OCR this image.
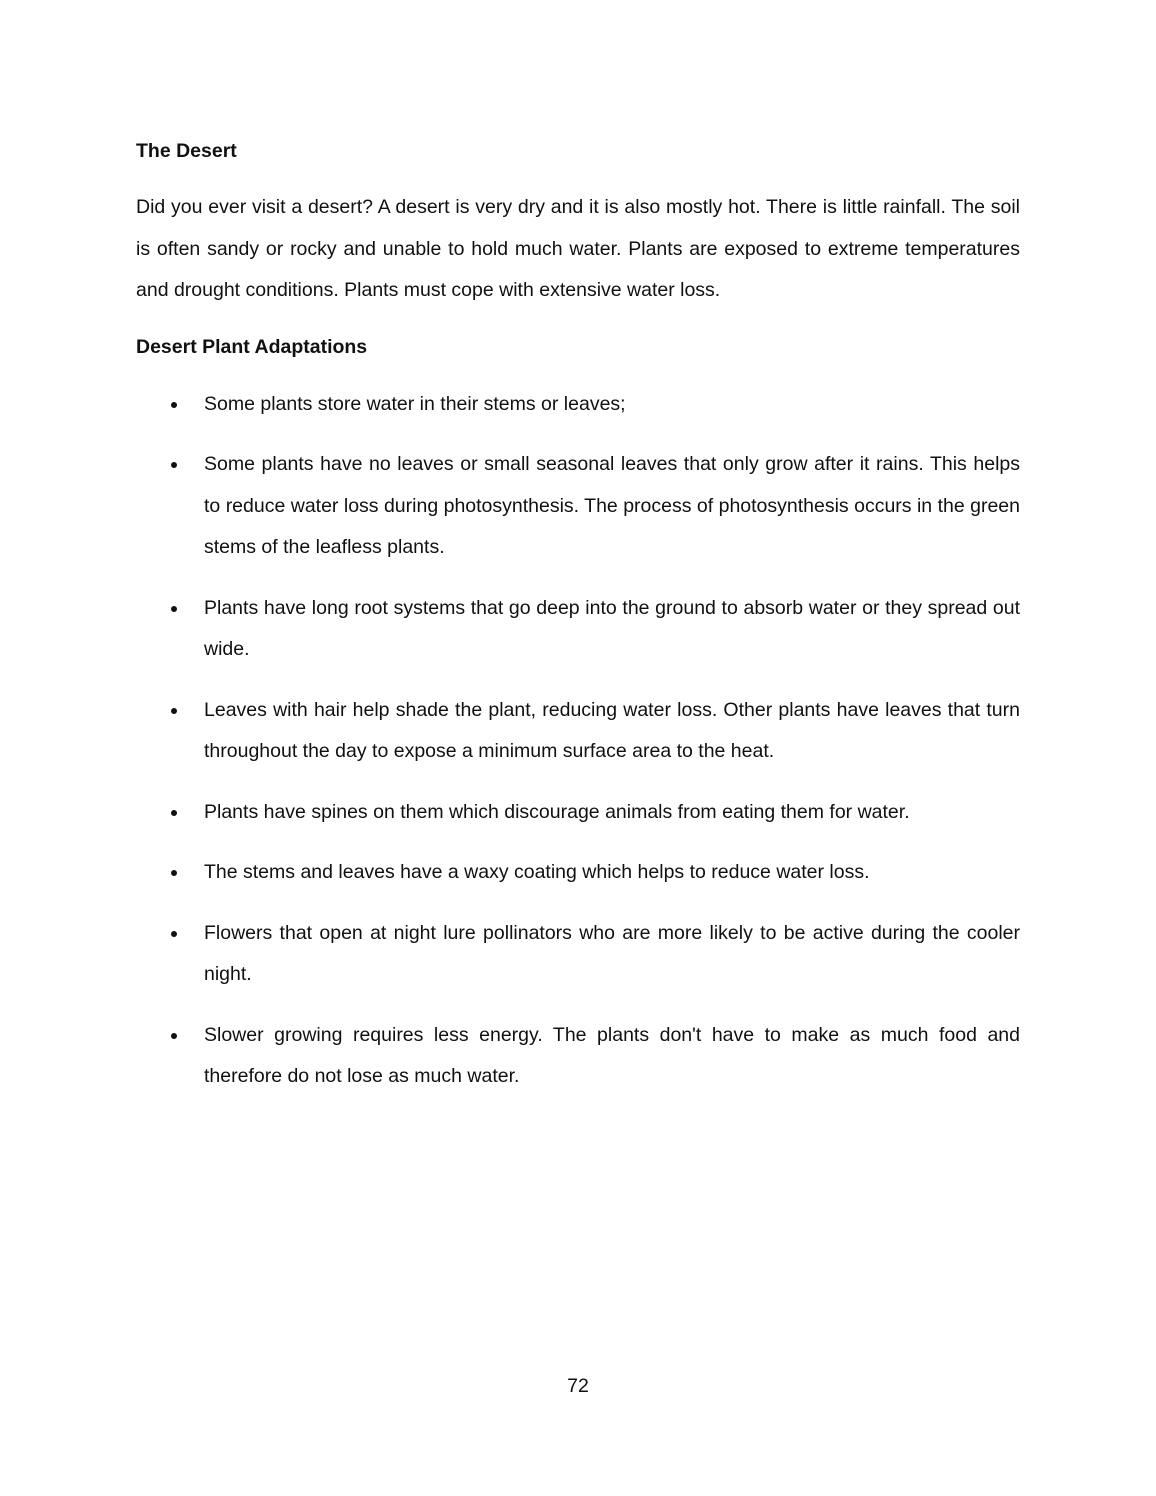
The Desert

Did you ever visit a desert? A desert is very dry and it is also mostly hot. There is little rainfall. The soil is often sandy or rocky and unable to hold much water. Plants are exposed to extreme temperatures and drought conditions. Plants must cope with extensive water loss.

Desert Plant Adaptations
Some plants store water in their stems or leaves;
Some plants have no leaves or small seasonal leaves that only grow after it rains. This helps to reduce water loss during photosynthesis. The process of photosynthesis occurs in the green stems of the leafless plants.
Plants have long root systems that go deep into the ground to absorb water or they spread out wide.
Leaves with hair help shade the plant, reducing water loss. Other plants have leaves that turn throughout the day to expose a minimum surface area to the heat.
Plants have spines on them which discourage animals from eating them for water.
The stems and leaves have a waxy coating which helps to reduce water loss.
Flowers that open at night lure pollinators who are more likely to be active during the cooler night.
Slower growing requires less energy. The plants don't have to make as much food and therefore do not lose as much water.
72
